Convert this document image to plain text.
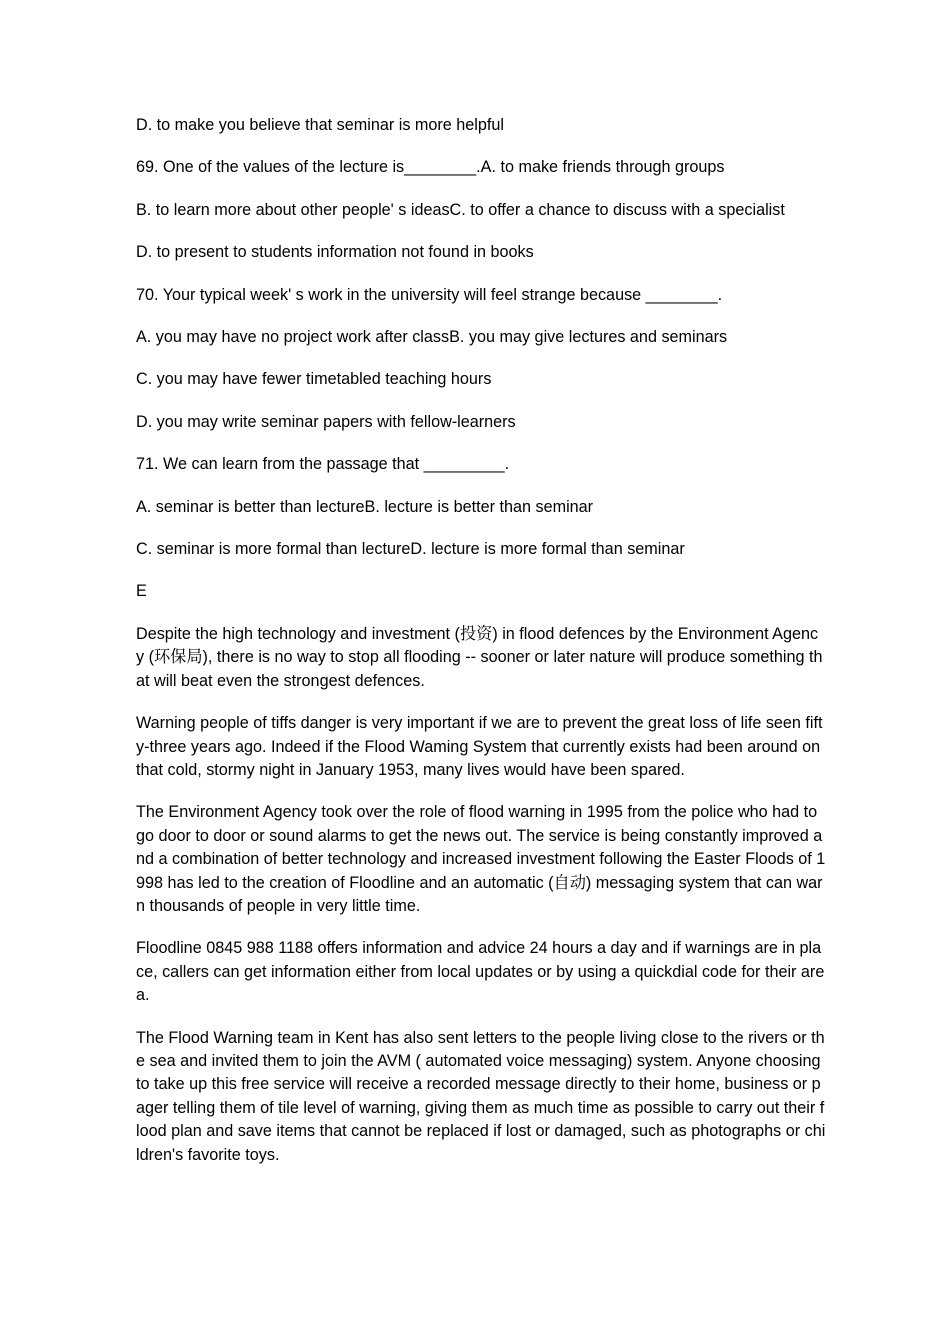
D. to make you believe that seminar is more helpful

69. One of the values of the lecture is________.A. to make friends through groups

B. to learn more about other people' s ideasC. to offer a chance to discuss with a specialist

D. to present to students information not found in books

70. Your typical week' s work in the university will feel strange because ________.

A. you may have no project work after classB. you may give lectures and seminars

C. you may have fewer timetabled teaching hours

D. you may write seminar papers with fellow-learners

71. We can learn from the passage that _________.

A. seminar is better than lectureB. lecture is better than seminar

C. seminar is more formal than lectureD. lecture is more formal than seminar

E

Despite the high technology and investment (投资) in flood defences by the Environment Agency (环保局), there is no way to stop all flooding -- sooner or later nature will produce something that will beat even the strongest defences.

Warning people of tiffs danger is very important if we are to prevent the great loss of life seen fifty-three years ago. Indeed if the Flood Waming System that currently exists had been around on that cold, stormy night in January 1953, many lives would have been spared.

The Environment Agency took over the role of flood warning in 1995 from the police who had to go door to door or sound alarms to get the news out. The service is being constantly improved and a combination of better technology and increased investment following the Easter Floods of 1998 has led to the creation of Floodline and an automatic (自动) messaging system that can warn thousands of people in very little time.

Floodline 0845 988 1188 offers information and advice 24 hours a day and if warnings are in place, callers can get information either from local updates or by using a quickdial code for their area.

The Flood Warning team in Kent has also sent letters to the people living close to the rivers or the sea and invited them to join the AVM ( automated voice messaging) system. Anyone choosing to take up this free service will receive a recorded message directly to their home, business or pager telling them of tile level of warning, giving them as much time as possible to carry out their flood plan and save items that cannot be replaced if lost or damaged, such as photographs or children's favorite toys.
